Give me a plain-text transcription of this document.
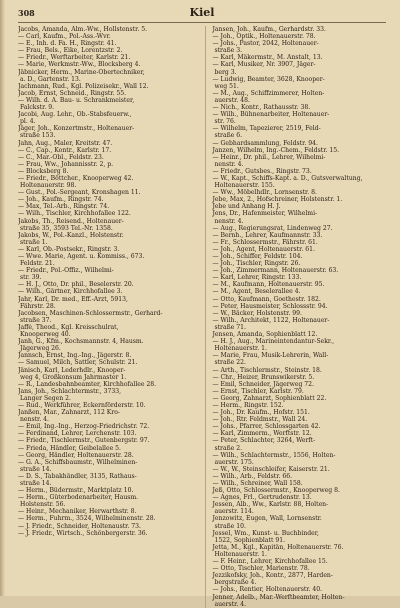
308	Kiel
Jacobs, Amanda, Alm.-Ww., Hollstenstr. 5.
— Carl, Kaufm., Pol.-Ass.-Wvr.
— E., Inh. d. Fa. H., Ringstr. 41.
— Frau, Bels., Eike, Lorentzstr. 2.
— Friedr., Werftarbeiter, Karlstr. 21.
— Marie, Werkmstr.-Ww., Blocksberg 4.
Jäbnicker, Herm., Marine-Obertechniker,
a. D., Gartenstr. 13.
Jachmann, Rud., Kgl. Polizeisekr., Wall 12.
Jacob, Ernst, Schneid., Ringstr. 55.
— Wilh. d. A. Bau- u. Schrankmeister,
Falckstr. 9.
Jacobi, Aug. Lehr., Ob.-Stabsfeuerw.,
pl. 4.
Jäger, Joh., Konzertmstr., Holtenauer-
straße 153.
Jahn, Aug., Maler, Kreitstr. 47.
— C., Cap., Kontr., Karlstr. 17.
— C., Mar.-Obl., Feldstr. 23.
— Frau, Ww., Johannisstr. 2, p.
— Blocksberg 8.
— Friedr., Böttcher., Knooperweg 42.
Holtenauerstr. 98.
— Gust., Pol.-Sergeant, Kronshagen 11.
— Joh., Kaufm., Ringstr. 74.
— Max, Tel.-Arb., Ringstr. 74.
— Wilh., Tischler, Kirchhofallee 122.
Jakobs, Th., Reisend., Holtenauer-
straße 35, 3593 Tel.-Nr. 1358.
Jakobs, W., Pol.-Kanzl., Holstenstr.
straße 1.
— Karl, Ob.-Postsekr., Ringstr. 3.
— Wwe. Marie, Agent. u. Kommiss., 673.
Feldstr. 21.
— Friedr., Pol.-Offiz., Wilhelmi-
str. 39.
— H. J., Otto, Dr. phil., Beselerstr. 20.
— Wilh., Gärtner, Kirchhofallee 3.
Jahr, Karl, Dr. med., Eff.-Arzt, 5913,
Fährstr. 28.
Jacobsen, Maschinen-Schlossermstr., Gerhard-
straße 37.
Jaffé, Theod., Kgl. Kreisschulrat,
Knooperweg 40.
Janh, G., Kfm., Kochsmannstr. 4, Hausm.
Jägerweg 26.
Jannsch, Ernst, Ing.-Ing., Jägerstr. 8.
— Samuel, Milch, Sattler, Schulstr. 21.
Jänisch, Karl, Lederhdlr., Knooper-
weg 4, Großkonsum Jahrmaster 1.
— R., Landesbahnbeamter, Kirchhofallee 28.
Jans, Joh., Schlachtermstr., 3733,
Langer Segen 2.
— Rud., Werkführer, Eckernförderstr. 10.
Janßen, Mar., Zahnarzt, 112 Kro-
nenstr. 4.
— Emil, Ing.-Ing., Herzog-Friedrichstr. 72.
— Ferdinand, Lehrer, Lerchenstr. 103.
— Friedr., Tischlermstr., Gutenbergstr. 97.
— Frieda, Händler, Geibelallee 5.
— Georg, Händler, Holtenauerstr. 28.
— G. A., Schiffsbaumstr., Wilhelminen-
straße 14.
— D. S., Tabakhändler, 3135, Rathaus-
straße 14.
— Herm., Büdermstr., Marktplatz 10.
— Herm., Güterbodenarbeiter, Hausm.
Holstenstr. 56.
— Heinr., Mechaniker, Herwarthstr. 8.
— Herm., Fuhrm., 3524, Wilhelminenstr. 28.
— J. Friedr., Schneider, Holtenaustr. 73.
— J. Friedr., Wirtsch., Schönbergerstr. 36.
Jansen, Joh., Kaufm., Gerhardstr. 33.
— Joh., Optik., Holtenauerstr. 78.
— Johs., Pastor, 2042, Holtenauer-
straße 3.
— Karl, Mäkermstr., M. Anstalt, 13.
— Karl, Musiker, Nr. 3907, Jäger-
berg 3.
— Ludwig, Beamter, 3628, Knooper-
weg 51.
— M., Aug., Schiffzimmerer, Holten-
auerstr. 48.
— Nich., Kontr., Rathausstr. 38.
— Wilh., Bühnenarbeiter, Holtenauer-
str. 76.
— Wilhelm, Tapezierer, 2519, Feld-
straße 6.
— Gebhardsammlung, Feldstr. 94.
Janzen, Wilhelm, Ing.-Chem., Feldstr. 15.
— Heinr., Dr. phil., Lehrer, Wilhelmi-
nenstr. 4.
— Friedr., Gutsbes., Ringstr. 73.
— W., Kapt., Schiffs-Kapt. a. D., Gutsverwaltung,
Holtenauerstr. 155.
— Ww., Möbelhdlr., Lornsenstr. 8.
Jebe, Max, 2., Hofschreiner, Holstenstr. 1.
Jebe und Anhang H. J.
Jens, Dr., Hafenmeister, Wilhelmi-
nenstr. 4.
— Aug., Regierungsrat, Lindenweg 27.
— Bernh., Lehrer, Kaufmannstr. 33.
— Fr., Schlossermstr., Fährstr. 61.
— Joh., Agent, Holtenauerstr. 61.
— Joh., Schiffer, Feldstr. 104.
— Joh., Tischler, Ringstr. 26.
— Joh., Zimmermann, Holtenauerstr. 63.
— Karl, Lehrer, Ringstr. 133.
— M., Kaufmann, Holtenauerstr. 95.
— M., Agent, Beselerallee 4.
— Otto, Kaufmann, Goethestr. 182.
— Peter, Hausmeister, Schlossstr. 94.
— W., Bäcker, Holstenstr. 99.
— Wilh., Architekt, 1122, Holtenauer-
straße 71.
Jensen, Amanda, Sophienblatt 12.
— H. J., Aug., Marineintendantur-Sekr.,
Holtenauerstr. 1.
— Marie, Frau, Musik-Lehrerin, Wall-
straße 22.
— Arth., Tischlermstr., Steinstr. 18.
— Chr., Heizer, Brunswikerstr. 5.
— Emil, Schneider, Jägerweg 72.
— Ernst, Tischler, Karlstr. 79.
— Georg, Zahnarzt, Sophienblatt 22.
— Herm., Ringstr. 152.
— Joh., Dr. Kaufm., Hofstr. 151.
— Joh., Rtr. Feldmstr., Wall 24.
— Johs., Pfarrer, Schlossgarten 42.
— Karl, Zimmerm., Werftstr. 12.
— Peter, Schlachter, 3264, Werft-
straße 2.
— Wilh., Schlachtermstr., 1556, Holten-
auerstr. 175.
— W., W., Steinschleifer, Kaiserstr. 21.
— Wilh., Arb., Feldstr. 66.
— Wilh., Schreiner, Wall 158.
Jeß, Otto, Schlossermstr., Knooperweg 8.
— Agnes, Frl., Gertrudenstr. 13.
Jessen, Alb., Ww., Karlstr. 88, Holten-
auerstr. 114.
Jenzowitz, Eugen, Wall, Lornsenstr.
straße 10.
Jessel, Wm., Kunst- u. Buchbinder,
1522, Sophienblatt 91.
Jetta, M., Kgl., Kapitän, Holtenauerstr. 76.
Holtenauerstr. 1.
— F. Heinr., Lehrer, Kirchhofallee 15.
— Otto, Tischler, Marienstr. 78.
Jezzikofsky, Joh., Kontr., 2877, Harden-
bergstraße 4.
— Johs., Rentier, Holtenauerstr. 40.
Jenner, Adelb., Mar.-Werftbeamter, Holten-
auerstr. 4.
